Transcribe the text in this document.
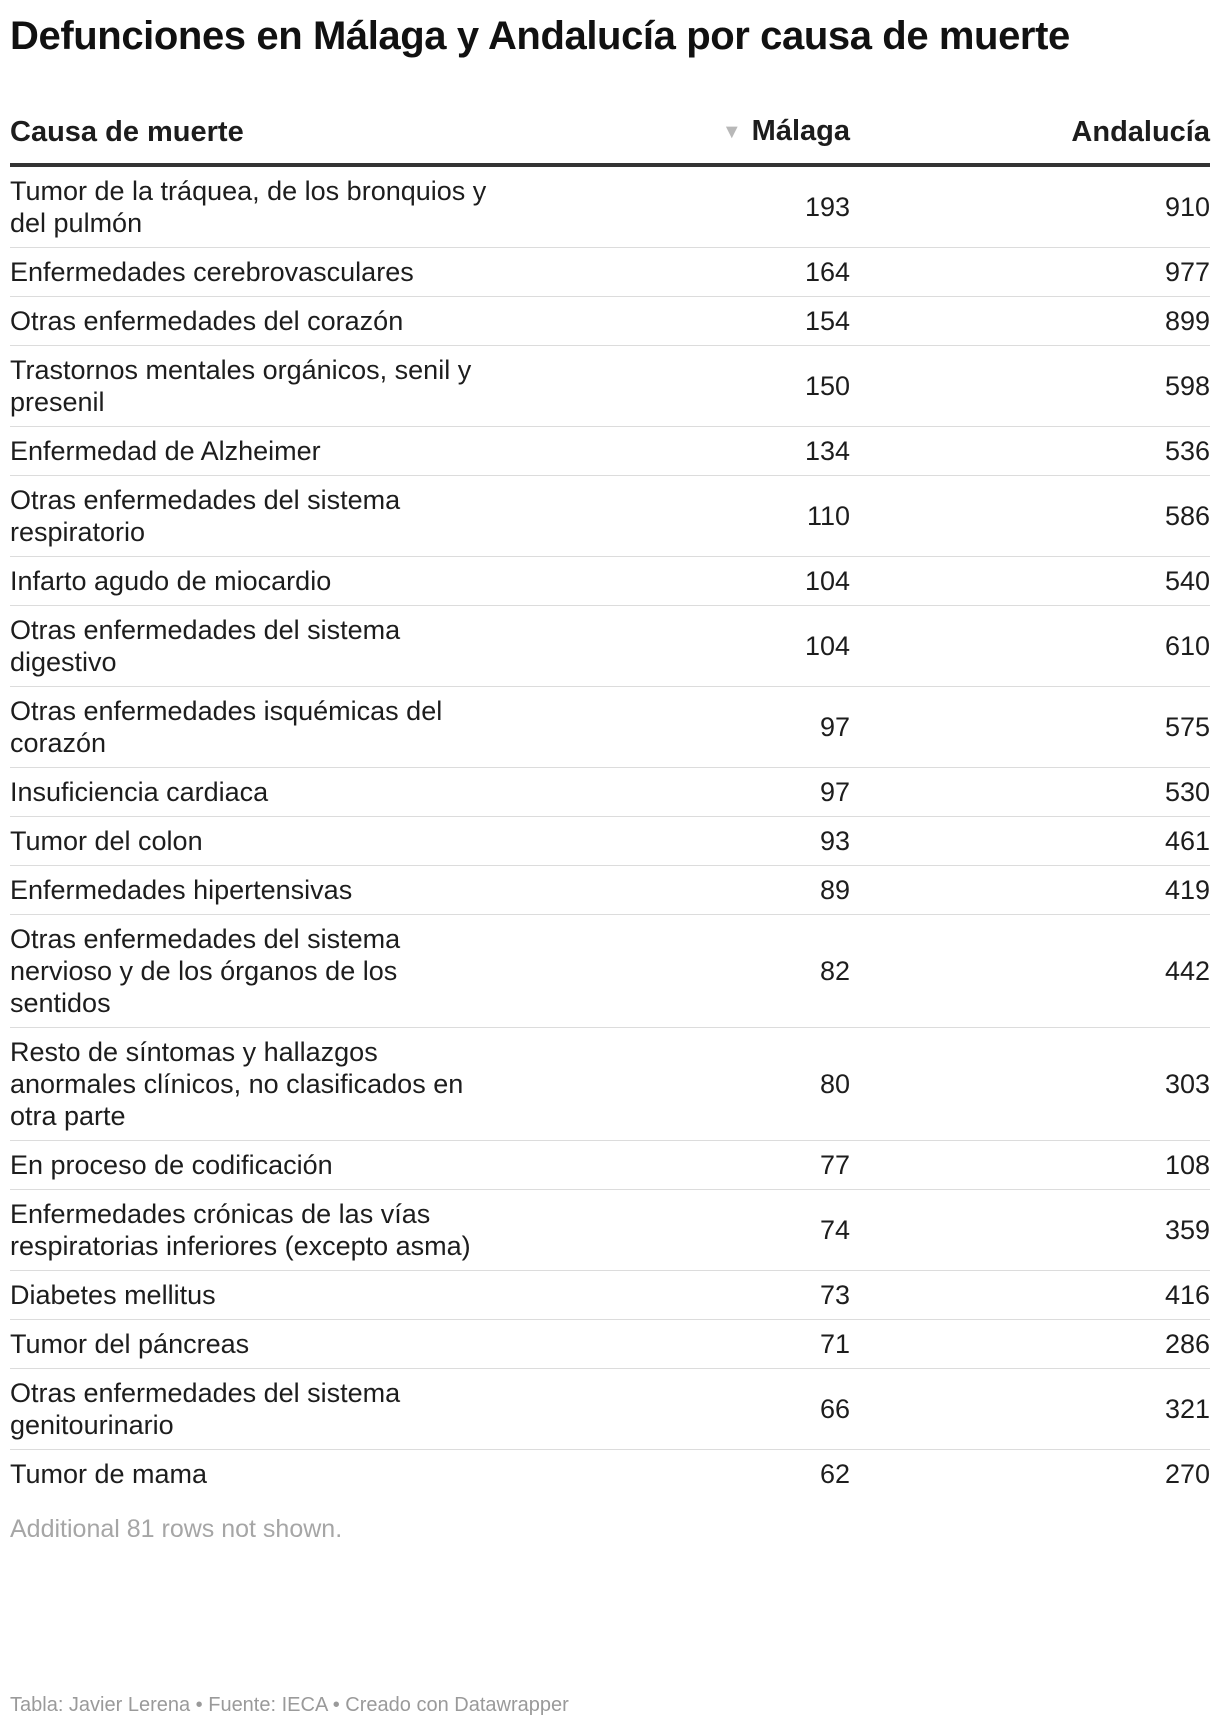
Defunciones en Málaga y Andalucía por causa de muerte
Causa de muerte	▼ Málaga	Andalucía

Tumor de la tráquea, de los bronquios y del pulmón	193	910

Enfermedades cerebrovasculares	164	977

Otras enfermedades del corazón	154	899

Trastornos mentales orgánicos, senil y presenil	150	598

Enfermedad de Alzheimer	134	536

Otras enfermedades del sistema respiratorio	110	586

Infarto agudo de miocardio	104	540

Otras enfermedades del sistema digestivo	104	610

Otras enfermedades isquémicas del corazón	97	575

Insuficiencia cardiaca	97	530

Tumor del colon	93	461

Enfermedades hipertensivas	89	419

Otras enfermedades del sistema nervioso y de los órganos de los sentidos	82	442

Resto de síntomas y hallazgos anormales clínicos, no clasificados en otra parte	80	303

En proceso de codificación	77	108

Enfermedades crónicas de las vías respiratorias inferiores (excepto asma)	74	359

Diabetes mellitus	73	416

Tumor del páncreas	71	286

Otras enfermedades del sistema genitourinario	66	321

Tumor de mama	62	270
Additional 81 rows not shown.
Tabla: Javier Lerena • Fuente: IECA • Creado con Datawrapper
